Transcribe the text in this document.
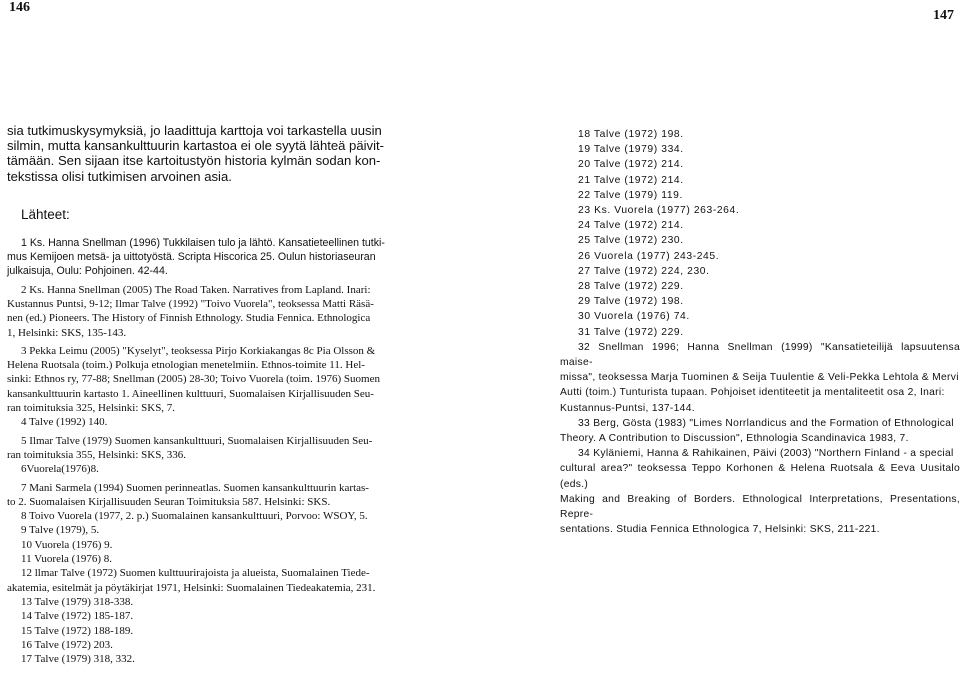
146
147

sia tutkimuskysymyksiä, jo laadittuja karttoja voi tarkastella uusin

silmin, mutta kansankulttuurin kartastoa ei ole syytä lähteä päivit-

tämään. Sen sijaan itse kartoitustyön historia kylmän sodan kon-

tekstissa olisi tutkimisen arvoinen asia.

Lähteet:

1 Ks. Hanna Snellman (1996) Tukkilaisen tulo ja lähtö. Kansatieteellinen tutki-

mus Kemijoen metsä- ja uittotyöstä. Scripta Hiscorica 25. Oulun historiaseuran

julkaisuja, Oulu: Pohjoinen. 42-44.

2 Ks. Hanna Snellman (2005) The Road Taken. Narratives from Lapland. Inari:

Kustannus Puntsi, 9-12; Ilmar Talve (1992) "Toivo Vuorela", teoksessa Matti Räsä-

nen (ed.) Pioneers. The History of Finnish Ethnology. Studia Fennica. Ethnologica

1, Helsinki: SKS, 135-143.

3 Pekka Leimu (2005) "Kyselyt", teoksessa Pirjo Korkiakangas 8c Pia Olsson &

Helena Ruotsala (toim.) Polkuja etnologian menetelmiin. Ethnos-toimite 11. Hel-

sinki: Ethnos ry, 77-88; Snellman (2005) 28-30; Toivo Vuorela (toim. 1976) Suomen

kansankulttuurin kartasto 1. Aineellinen kulttuuri, Suomalaisen Kirjallisuuden Seu-

ran toimituksia 325, Helsinki: SKS, 7.

4 Talve (1992) 140.

5 Ilmar Talve (1979) Suomen kansankulttuuri, Suomalaisen Kirjallisuuden Seu-

ran toimituksia 355, Helsinki: SKS, 336.

6Vuorela(1976)8.

7 Mani Sarmela (1994) Suomen perinneatlas. Suomen kansankulttuurin kartas-

to 2. Suomalaisen Kirjallisuuden Seuran Toimituksia 587. Helsinki: SKS.

8 Toivo Vuorela (1977, 2. p.) Suomalainen kansankulttuuri, Porvoo: WSOY, 5.

9 Talve (1979), 5.

10 Vuorela (1976) 9.

11 Vuorela (1976) 8.

12 llmar Talve (1972) Suomen kulttuurirajoista ja alueista, Suomalainen Tiede-

akatemia, esitelmät ja pöytäkirjat 1971, Helsinki: Suomalainen Tiedeakatemia, 231.

13 Talve (1979) 318-338.

14 Talve (1972) 185-187.

15 Talve (1972) 188-189.

16 Talve (1972) 203.

17 Talve (1979) 318, 332.

18 Talve (1972) 198.

19 Talve (1979) 334.

20 Talve (1972) 214.

21 Talve (1972) 214.

22 Talve (1979) 119.

23 Ks. Vuorela (1977) 263-264.

24 Talve (1972) 214.

25 Talve (1972) 230.

26 Vuorela (1977) 243-245.

27 Talve (1972) 224, 230.

28 Talve (1972) 229.

29 Talve (1972) 198.

30 Vuorela (1976) 74.

31 Talve (1972) 229.

32 Snellman 1996; Hanna Snellman (1999) "Kansatieteilijä lapsuutensa maise-

missa", teoksessa Marja Tuominen & Seija Tuulentie & Veli-Pekka Lehtola & Mervi

Autti (toim.) Tunturista tupaan. Pohjoiset identiteetit ja mentaliteetit osa 2, Inari:

Kustannus-Puntsi, 137-144.

33 Berg, Gösta (1983) "Limes Norrlandicus and the Formation of Ethnological

Theory. A Contribution to Discussion", Ethnologia Scandinavica 1983, 7.

34 Kyläniemi, Hanna & Rahikainen, Päivi (2003) "Northern Finland - a special

cultural area?" teoksessa Teppo Korhonen & Helena Ruotsala & Eeva Uusitalo (eds.)

Making and Breaking of Borders. Ethnological Interpretations, Presentations, Repre-

sentations. Studia Fennica Ethnologica 7, Helsinki: SKS, 211-221.
